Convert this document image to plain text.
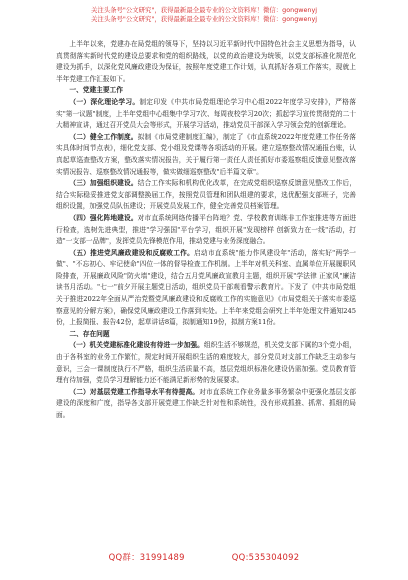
关注头条号"公文研究"，获得最新最全最专业的公文资料库！微信：gongwenyj
关注头条号"公文研究"，获得最新最全最专业的公文资料库！微信：gongwenyj

上半年以来，党建办在局党组的领导下，坚持以习近平新时代中国特色社会主义思想为指导，认真贯彻落实新时代党的建设总要求和党的组织路线，以党的政治建设为统领，以党支部标准化规范化建设为抓手，以深化党风廉政建设为保证，按照年度党建工作计划，认真抓好各项工作落实，现就上半年党建工作汇报如下。

一、党建主要工作

（一）深化理论学习。制定印发《中共市局党组理论学习中心组2022年度学习安排》，严格落实"第一议题"制度，上半年党组中心组集中学习7次、每周夜校学习20次；抓起学习宣传贯彻党的二十大精神宣讲，通过召开党员大会等形式，开展学习活动，推动党员干部深入学习领会党的创新理论。

（二）健全工作制度。拟制《市局党建制度汇编》，制定了《市直系统2022年度党建工作任务落实具体时间节点表》，细化党支部、党小组及党课等各项活动的开展。建立巡察整改情况通报台账，认真起草巡查整改方案，整改落实情况报告，关于履行第一责任人责任抓好市委巡察组反馈意见整改落实情况报告、巡察整改情况通报等，做实做细巡察整改"后半篇文章"。

（三）加强组织建设。结合工作实际和机构优化改革，在完成党组织巡察反馈意见整改工作后，结合实际稳妥推进党支部调整换届工作，按照党员管理和团队组建的要求，选优配强支部班子，完善组织设置，加强党员队伍建设；开展党员发展工作，健全完善党员档案管理。

（四）强化阵地建设。对市直系统网络传播平台阵地？党、学校教育训练非工作室推进等方面进行检查，选树先进典型，推进"学习强国"平台学习，组织开展"发现榜样 创新致力在一线"活动，打造"一支部一品牌"，发挥党员先锋模范作用，推动党建与业务深度融合。

（五）推进党风廉政建设和反腐败工作。启动市直系统"能力作风建设年"活动，落实好"两学一做"、"不忘初心、牢记使命"四位一体的督导检查工作机制。上半年对机关科室、直属单位开展履职风险排查，开展廉政风险"防火墙"建设，结合五月党风廉政宣教月主题，组织开展"学法律 正家风"廉洁读书月活动。"七一"前夕开展主题党日活动，组织党员干部观看警示教育片。下发了《中共市局党组关于推进2022年全面从严治党暨党风廉政建设和反腐败工作的实施意见》《市局党组关于落实市委巡察意见的分解方案》，确保党风廉政建设工作落到实处。上半年来党组会研究上半年处理文件通知245份，上报简报、报告42份，起草讲话8篇，拟制通知19份，拟制方案11份。

二、存在问题

（一）机关党建标准化建设有待进一步加强。组织生活不够规范，机关党支部下属的3个党小组，由于各科室的业务工作繁忙，规定时间开展组织生活的难度较大，部分党员对支部工作缺乏主动参与意识，三会一课制度执行不严格，组织生活质量不高，基层党组织标准化建设仍需加强。党员教育管理有待加强，党员学习理解能力还不能满足新形势的发展要求。

（二）对基层党建工作指导水平有待提高。对市直系统工作业务量多事务繁杂中更强化基层支部建设的深度和广度，指导各支部开展党建工作缺乏针对性和系统性，没有形成抓推、抓常、抓细的局面。

QQ群：31991489	QQ:535304092
